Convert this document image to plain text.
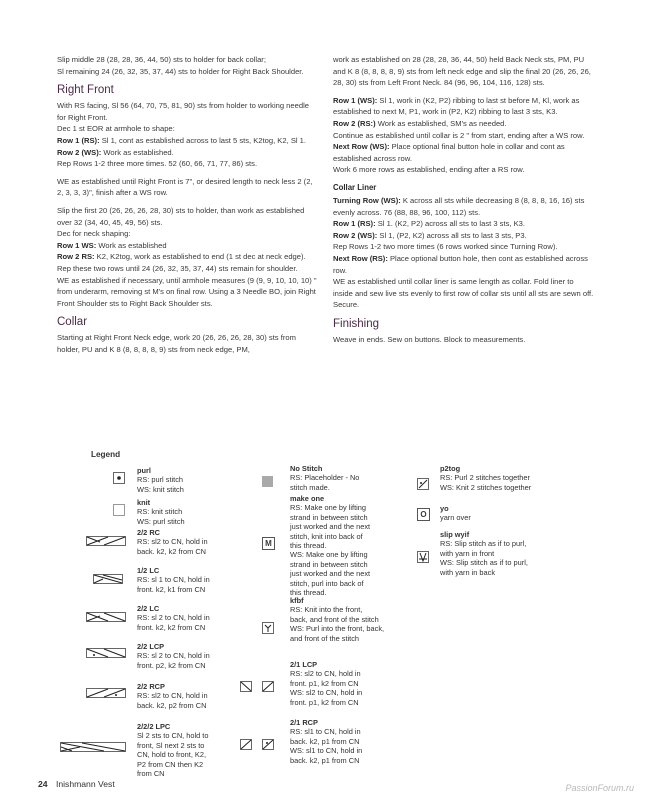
Slip middle 28 (28, 28, 36, 44, 50) sts to holder for back collar;
Sl remaining 24 (26, 32, 35, 37, 44) sts to holder for Right Back Shoulder.

Right Front

With RS facing, Sl 56 (64, 70, 75, 81, 90) sts from holder to working needle for Right Front.

Dec 1 st EOR at armhole to shape:

Row 1 (RS): Sl 1, cont as established across to last 5 sts, K2tog, K2, Sl 1.

Row 2 (WS): Work as established.

Rep Rows 1-2 three more times. 52 (60, 66, 71, 77, 86) sts.

WE as established until Right Front is 7", or desired length to neck less 2 (2, 2, 3, 3, 3)", finish after a WS row.

Slip the first 20 (26, 26, 26, 28, 30) sts to holder, than work as established over 32 (34, 40, 45, 49, 56) sts.

Dec for neck shaping:

Row 1 WS: Work as established

Row 2 RS: K2, K2tog, work as established to end (1 st dec at neck edge).

Rep these two rows until 24 (26, 32, 35, 37, 44) sts remain for shoulder.

WE as established if necessary, until armhole measures (9 (9, 9, 10, 10, 10) " from underarm, removing st M's on final row. Using a 3 Needle BO, join Right Front Shoulder sts to Right Back Shoulder sts.

Collar

Starting at Right Front Neck edge, work 20 (26, 26, 26, 28, 30) sts from holder, PU and K 8 (8, 8, 8, 8, 9) sts from neck edge, PM,

work as established on 28 (28, 28, 36, 44, 50) held Back Neck sts, PM, PU and K 8 (8, 8, 8, 8, 9) sts from left neck edge and slip the final 20 (26, 26, 26, 28, 30) sts from Left Front Neck. 84 (96, 96, 104, 116, 128) sts.

Row 1 (WS): Sl 1, work in (K2, P2) ribbing to last st before M, Kl, work as established to next M, P1, work in (P2, K2) ribbing to last 3 sts, K3.

Row 2 (RS:) Work as established, SM's as needed.

Continue as established until collar is 2 " from start, ending after a WS row.

Next Row (WS): Place optional final button hole in collar and cont as established across row.

Work 6 more rows as established, ending after a RS row.

Collar Liner

Turning Row (WS): K across all sts while decreasing 8 (8, 8, 8, 16, 16) sts evenly across. 76 (88, 88, 96, 100, 112) sts.

Row 1 (RS): Sl 1. (K2, P2) across all sts to last 3 sts, K3.

Row 2 (WS): Sl 1, (P2, K2) across all sts to last 3 sts, P3.

Rep Rows 1-2 two more times (6 rows worked since Turning Row).

Next Row (RS): Place optional button hole, then cont as established across row.

WE as established until collar liner is same length as collar. Fold liner to inside and sew live sts evenly to first row of collar sts until all sts are sewn off. Secure.

Finishing

Weave in ends. Sew on buttons. Block to measurements.

Legend
purl
RS: purl stitch
WS: knit stitch
knit
RS: knit stitch
WS: purl stitch
2/2 RC
RS: sl2 to CN, hold in
back. k2, k2 from CN
1/2 LC
RS: sl 1 to CN, hold in
front. k2, k1 from CN
2/2 LC
RS: sl 2 to CN, hold in
front. k2, k2 from CN
2/2 LCP
RS: sl 2 to CN, hold in
front. p2, k2 from CN
2/2 RCP
RS: sl2 to CN, hold in
back. k2, p2 from CN
2/2/2 LPC
Sl 2 sts to CN, hold to
front, Sl next 2 sts to
CN, hold to front, K2,
P2 from CN then K2
from CN
No Stitch
RS: Placeholder - No
stitch made.
M
make one
RS: Make one by lifting
strand in between stitch
just worked and the next
stitch, knit into back of
this thread.
WS: Make one by lifting
strand in between stitch
just worked and the next
stitch, purl into back of
this thread.
kfbf
RS: Knit into the front,
back, and front of the stitch
WS: Purl into the front, back,
and front of the stitch
2/1 LCP
RS: sl2 to CN, hold in
front. p1, k2 from CN
WS: sl2 to CN, hold in
front. p1, k2 from CN
2/1 RCP
RS: sl1 to CN, hold in
back. k2, p1 from CN
WS: sl1 to CN, hold in
back. k2, p1 from CN
p2tog
RS: Purl 2 stitches together
WS: Knit 2 stitches together
O
yo
yarn over
slip wyif
RS: Slip stitch as if to purl,
with yarn in front
WS: Slip stitch as if to purl,
with yarn in back
24 Inishmann Vest	PassionForum.ru
